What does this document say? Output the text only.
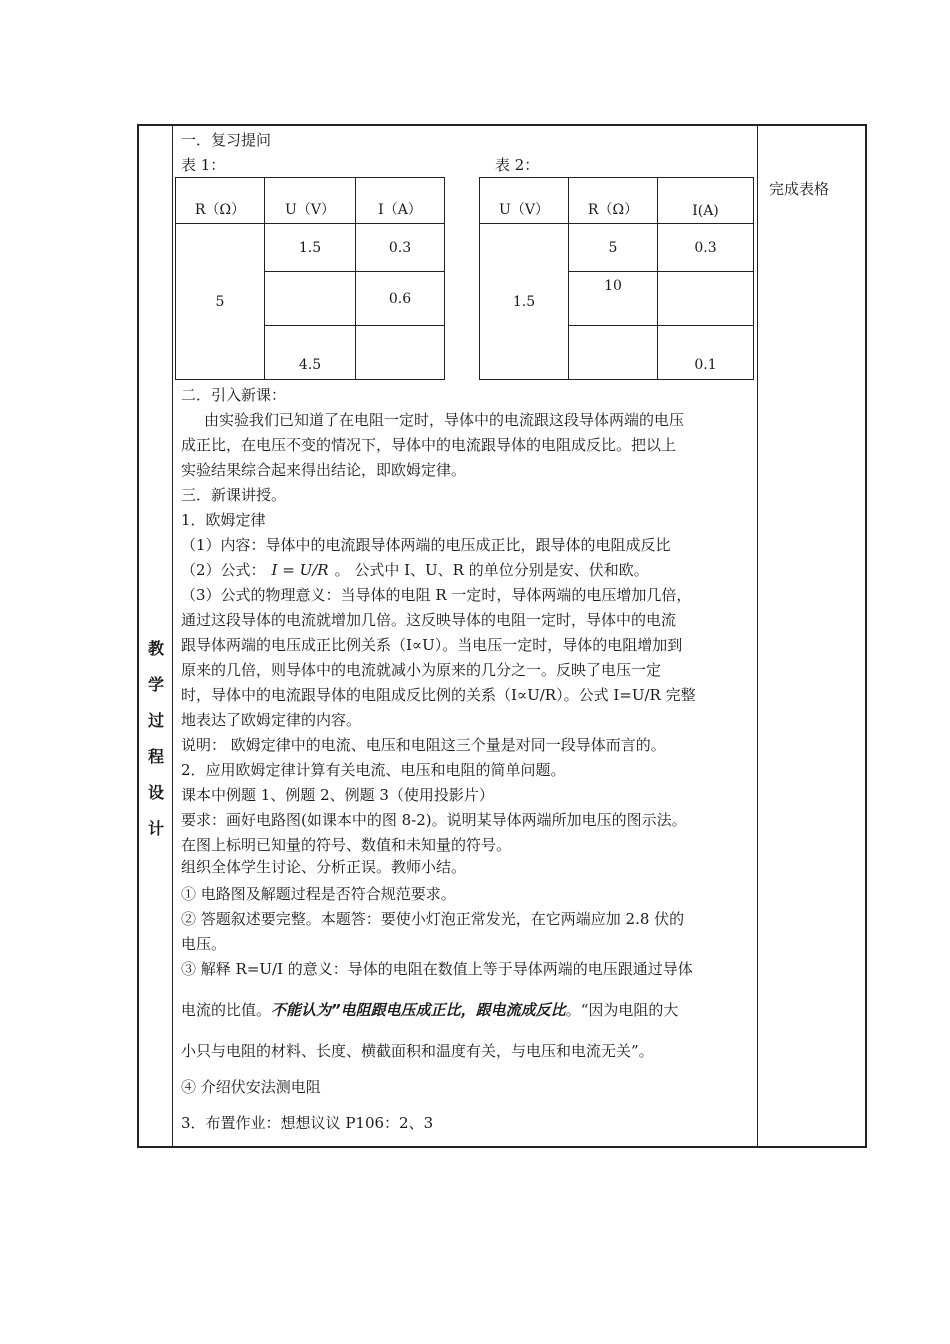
教
学
过
程
设
计
完成表格
一．复习提问
表 1：	表 2：
R（Ω）	U（V）	I（A）
5	1.5	0.3
		0.6
	4.5	
U（V）	R（Ω）	I(A)
1.5	5	0.3
	10	
		0.1
二．引入新课：
由实验我们已知道了在电阻一定时，导体中的电流跟这段导体两端的电压
成正比，在电压不变的情况下，导体中的电流跟导体的电阻成反比。把以上
实验结果综合起来得出结论，即欧姆定律。
三．新课讲授。
1．欧姆定律
（1）内容：导体中的电流跟导体两端的电压成正比，跟导体的电阻成反比
（2）公式： I = U/R 。 公式中 I、U、R 的单位分别是安、伏和欧。
（3）公式的物理意义：当导体的电阻 R 一定时，导体两端的电压增加几倍，
通过这段导体的电流就增加几倍。这反映导体的电阻一定时，导体中的电流
跟导体两端的电压成正比例关系（I∝U）。当电压一定时，导体的电阻增加到
原来的几倍，则导体中的电流就减小为原来的几分之一。反映了电压一定
时，导体中的电流跟导体的电阻成反比例的关系（I∝U/R）。公式 I=U/R 完整
地表达了欧姆定律的内容。
说明： 欧姆定律中的电流、电压和电阻这三个量是对同一段导体而言的。
2．应用欧姆定律计算有关电流、电压和电阻的简单问题。
课本中例题 1、例题 2、例题 3（使用投影片）
要求：画好电路图(如课本中的图 8-2)。说明某导体两端所加电压的图示法。
在图上标明已知量的符号、数值和未知量的符号。
组织全体学生讨论、分析正误。教师小结。
① 电路图及解题过程是否符合规范要求。
② 答题叙述要完整。本题答：要使小灯泡正常发光，在它两端应加 2.8 伏的
电压。
③ 解释 R=U/I 的意义：导体的电阻在数值上等于导体两端的电压跟通过导体
电流的比值。不能认为”电阻跟电压成正比，跟电流成反比。“因为电阻的大
小只与电阻的材料、长度、横截面积和温度有关，与电压和电流无关”。
④ 介绍伏安法测电阻
3．布置作业：想想议议 P106：2、3
